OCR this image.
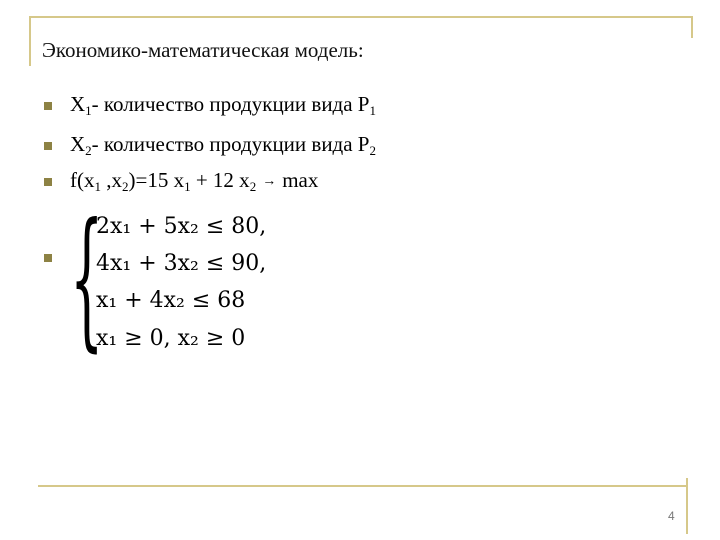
Экономико-математическая модель:
$X_1-$ количество продукции вида $P_1$
$X_2-$ количество продукции вида $P_2$
$f(x_1$ $,x_2)=15$ $x_1 + 12$ $x_2 \to \max$
{
2x₁ + 5x₂ ≤ 80,
4x₁ + 3x₂ ≤ 90,
x₁ + 4x₂ ≤ 68
x₁ ≥ 0, x₂ ≥ 0
4
